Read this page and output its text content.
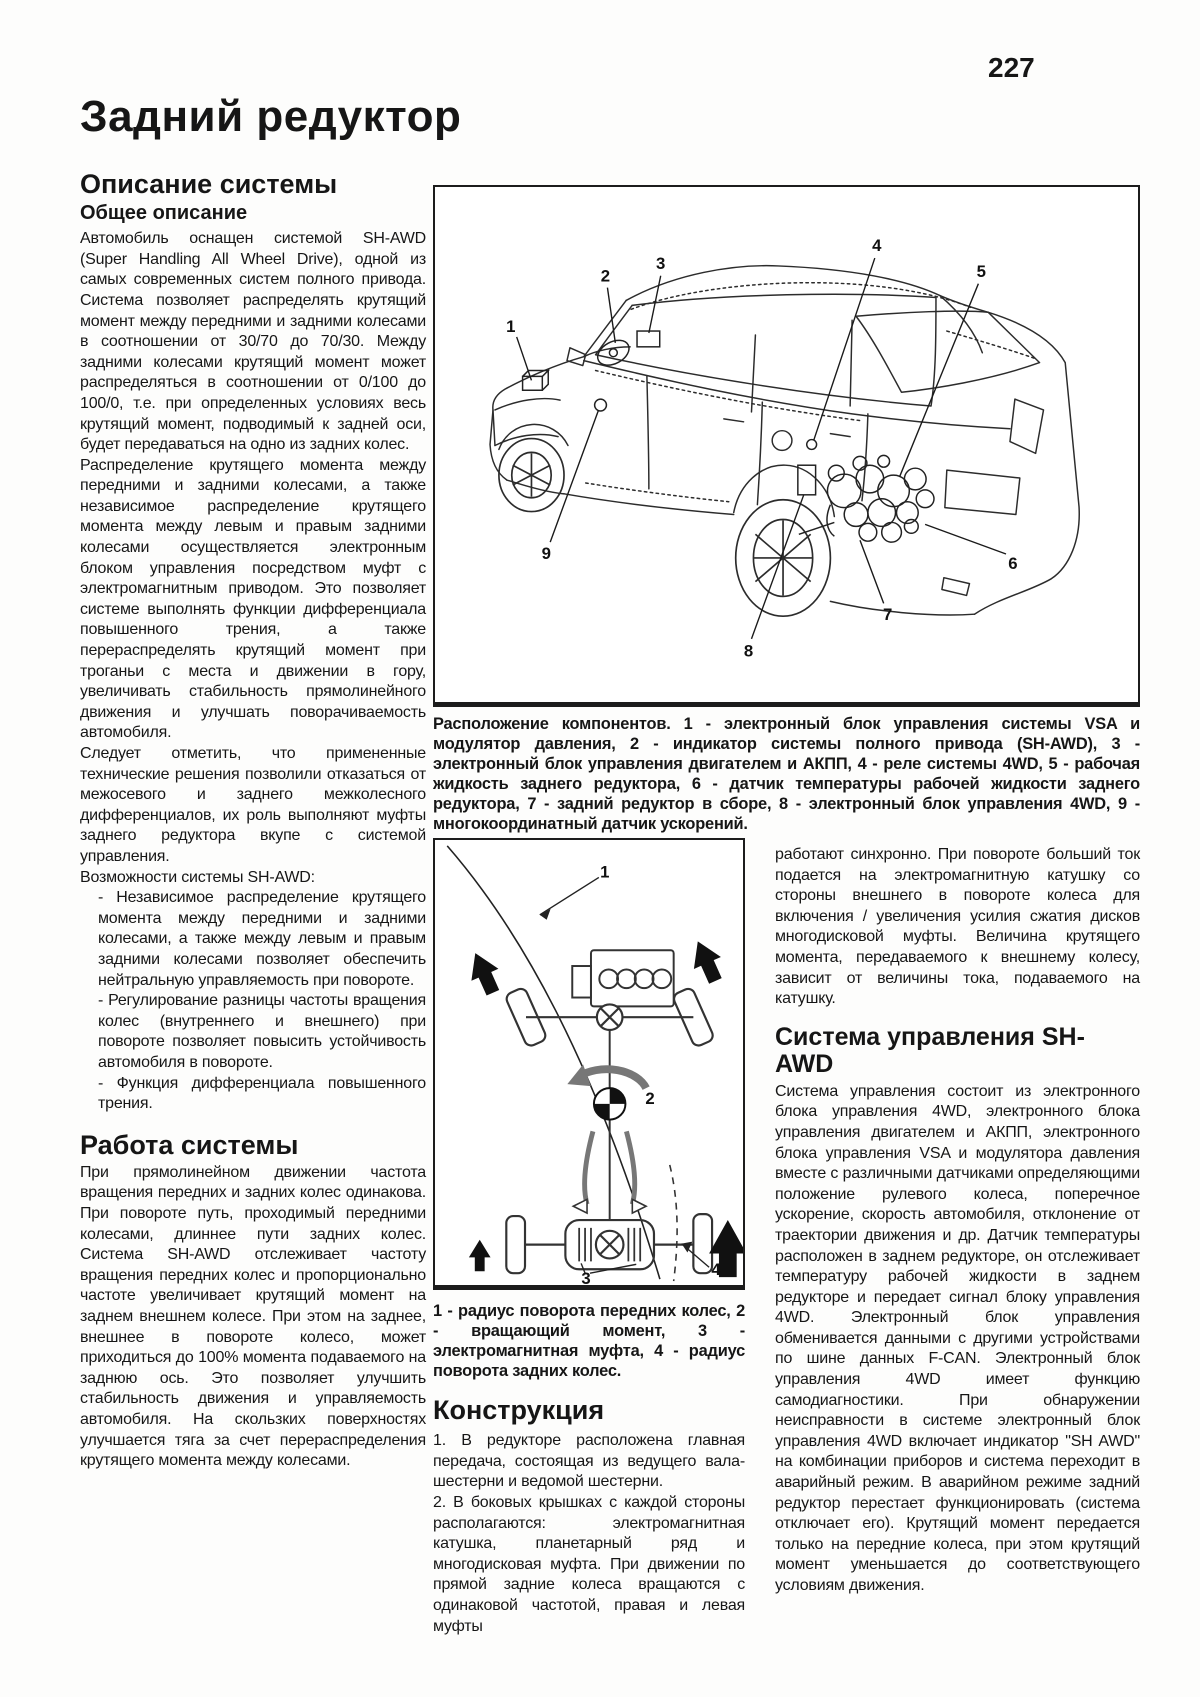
227
Задний редуктор
Описание системы
Общее описание

Автомобиль оснащен системой SH-AWD (Super Handling All Wheel Drive), одной из самых современных систем полного привода. Система позволяет распределять крутящий момент между передними и задними колесами в соотношении от 30/70 до 70/30. Между задними колесами крутящий момент может распределяться в соотношении от 0/100 до 100/0, т.е. при определенных условиях весь крутящий момент, подводимый к задней оси, будет передаваться на одно из задних колес.

Распределение крутящего момента между передними и задними колесами, а также независимое распределение крутящего момента между левым и правым задними колесами осуществляется электронным блоком управления посредством муфт с электромагнитным приводом. Это позволяет системе выполнять функции дифференциала повышенного трения, а также перераспределять крутящий момент при троганьи с места и движении в гору, увеличивать стабильность прямолинейного движения и улучшать поворачиваемость автомобиля.

Следует отметить, что примененные технические решения позволили отказаться от межосевого и заднего межколесного дифференциалов, их роль выполняют муфты заднего редуктора вкупе с системой управления.

Возможности системы SH-AWD:

- Независимое распределение крутящего момента между передними и задними колесами, а также между левым и правым задними колесами позволяет обеспечить нейтральную управляемость при повороте.

- Регулирование разницы частоты вращения колес (внутреннего и внешнего) при повороте позволяет повысить устойчивость автомобиля в повороте.

- Функция дифференциала повышенного трения.

Работа системы

При прямолинейном движении частота вращения передних и задних колес одинакова. При повороте путь, проходимый передними колесами, длиннее пути задних колес. Система SH-AWD отслеживает частоту вращения передних колес и пропорционально частоте увеличивает крутящий момент на заднем внешнем колесе. При этом на заднее, внешнее в повороте колесо, может приходиться до 100% момента подаваемого на заднюю ось. Это позволяет улучшить стабильность движения и управляемость автомобиля. На скользких поверхностях улучшается тяга за счет перераспределения крутящего момента между колесами.

1
2
3
4
5
6
7
8
9

Расположение компонентов. 1 - электронный блок управления системы VSA и модулятор давления, 2 - индикатор системы полного привода (SH-AWD), 3 - электронный блок управления двигателем и АКПП, 4 - реле системы 4WD, 5 - рабочая жидкость заднего редуктора, 6 - датчик температуры рабочей жидкости заднего редуктора, 7 - задний редуктор в сборе, 8 - электронный блок управления 4WD, 9 - многокоординатный датчик ускорений.

1
2
3	4

1 - радиус поворота передних колес, 2 - вращающий момент, 3 - электромагнитная муфта, 4 - радиус поворота задних колес.

Конструкция

1. В редукторе расположена главная передача, состоящая из ведущего вала-шестерни и ведомой шестерни.

2. В боковых крышках с каждой стороны располагаются: электромагнитная катушка, планетарный ряд и многодисковая муфта. При движении по прямой задние колеса вращаются с одинаковой частотой, правая и левая муфты

работают синхронно. При повороте больший ток подается на электромагнитную катушку со стороны внешнего в повороте колеса для включения / увеличения усилия сжатия дисков многодисковой муфты. Величина крутящего момента, передаваемого к внешнему колесу, зависит от величины тока, подаваемого на катушку.

Система управления SH-AWD

Система управления состоит из электронного блока управления 4WD, электронного блока управления двигателем и АКПП, электронного блока управления VSA и модулятора давления вместе с различными датчиками определяющими положение рулевого колеса, поперечное ускорение, скорость автомобиля, отклонение от траектории движения и др. Датчик температуры расположен в заднем редукторе, он отслеживает температуру рабочей жидкости в заднем редукторе и передает сигнал блоку управления 4WD. Электронный блок управления обменивается данными с другими устройствами по шине данных F-CAN. Электронный блок управления 4WD имеет функцию самодиагностики. При обнаружении неисправности в системе электронный блок управления 4WD включает индикатор "SH AWD" на комбинации приборов и система переходит в аварийный режим. В аварийном режиме задний редуктор перестает функционировать (система отключает его). Крутящий момент передается только на передние колеса, при этом крутящий момент уменьшается до соответствующего условиям движения.
